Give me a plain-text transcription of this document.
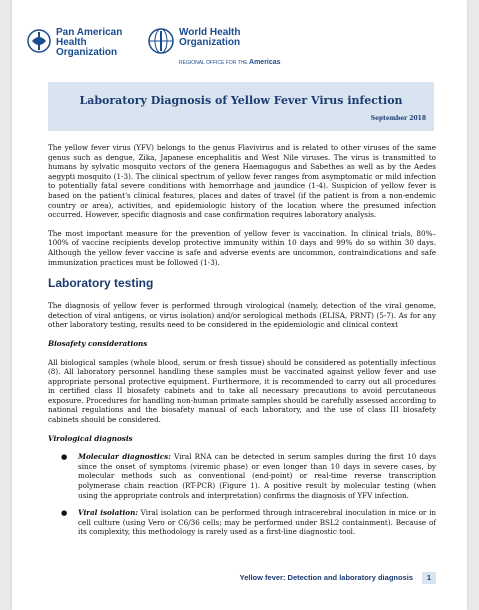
Pan American Health Organization
World Health Organization
REGIONAL OFFICE FOR THE Americas
Laboratory Diagnosis of Yellow Fever Virus infection
September 2018

The yellow fever virus (YFV) belongs to the genus Flavivirus and is related to other viruses of the same genus such as dengue, Zika, Japanese encephalitis and West Nile viruses. The virus is transmitted to humans by sylvatic mosquito vectors of the genera Haemagogus and Sabethes as well as by the Aedes aegypti mosquito (1-3). The clinical spectrum of yellow fever ranges from asymptomatic or mild infection to potentially fatal severe conditions with hemorrhage and jaundice (1-4). Suspicion of yellow fever is based on the patient's clinical features, places and dates of travel (if the patient is from a non-endemic country or area), activities, and epidemiologic history of the location where the presumed infection occurred. However, specific diagnosis and case confirmation requires laboratory analysis.

The most important measure for the prevention of yellow fever is vaccination. In clinical trials, 80%–100% of vaccine recipients develop protective immunity within 10 days and 99% do so within 30 days. Although the yellow fever vaccine is safe and adverse events are uncommon, contraindications and safe immunization practices must be followed (1-3).

Laboratory testing

The diagnosis of yellow fever is performed through virological (namely, detection of the viral genome, detection of viral antigens, or virus isolation) and/or serological methods (ELISA, PRNT) (5-7). As for any other laboratory testing, results need to be considered in the epidemiologic and clinical context

Biosafety considerations

All biological samples (whole blood, serum or fresh tissue) should be considered as potentially infectious (8). All laboratory personnel handling these samples must be vaccinated against yellow fever and use appropriate personal protective equipment. Furthermore, it is recommended to carry out all procedures in certified class II biosafety cabinets and to take all necessary precautions to avoid percutaneous exposure. Procedures for handling non-human primate samples should be carefully assessed according to national regulations and the biosafety manual of each laboratory, and the use of class III biosafety cabinets should be considered.

Virological diagnosis
● Molecular diagnostics: Viral RNA can be detected in serum samples during the first 10 days since the onset of symptoms (viremic phase) or even longer than 10 days in severe cases, by molecular methods such as conventional (end-point) or real-time reverse transcription polymerase chain reaction (RT-PCR) (Figure 1). A positive result by molecular testing (when using the appropriate controls and interpretation) confirms the diagnosis of YFV infection.
● Viral isolation: Viral isolation can be performed through intracerebral inoculation in mice or in cell culture (using Vero or C6/36 cells; may be performed under BSL2 containment). Because of its complexity, this methodology is rarely used as a first-line diagnostic tool.
Yellow fever: Detection and laboratory diagnosis	1
